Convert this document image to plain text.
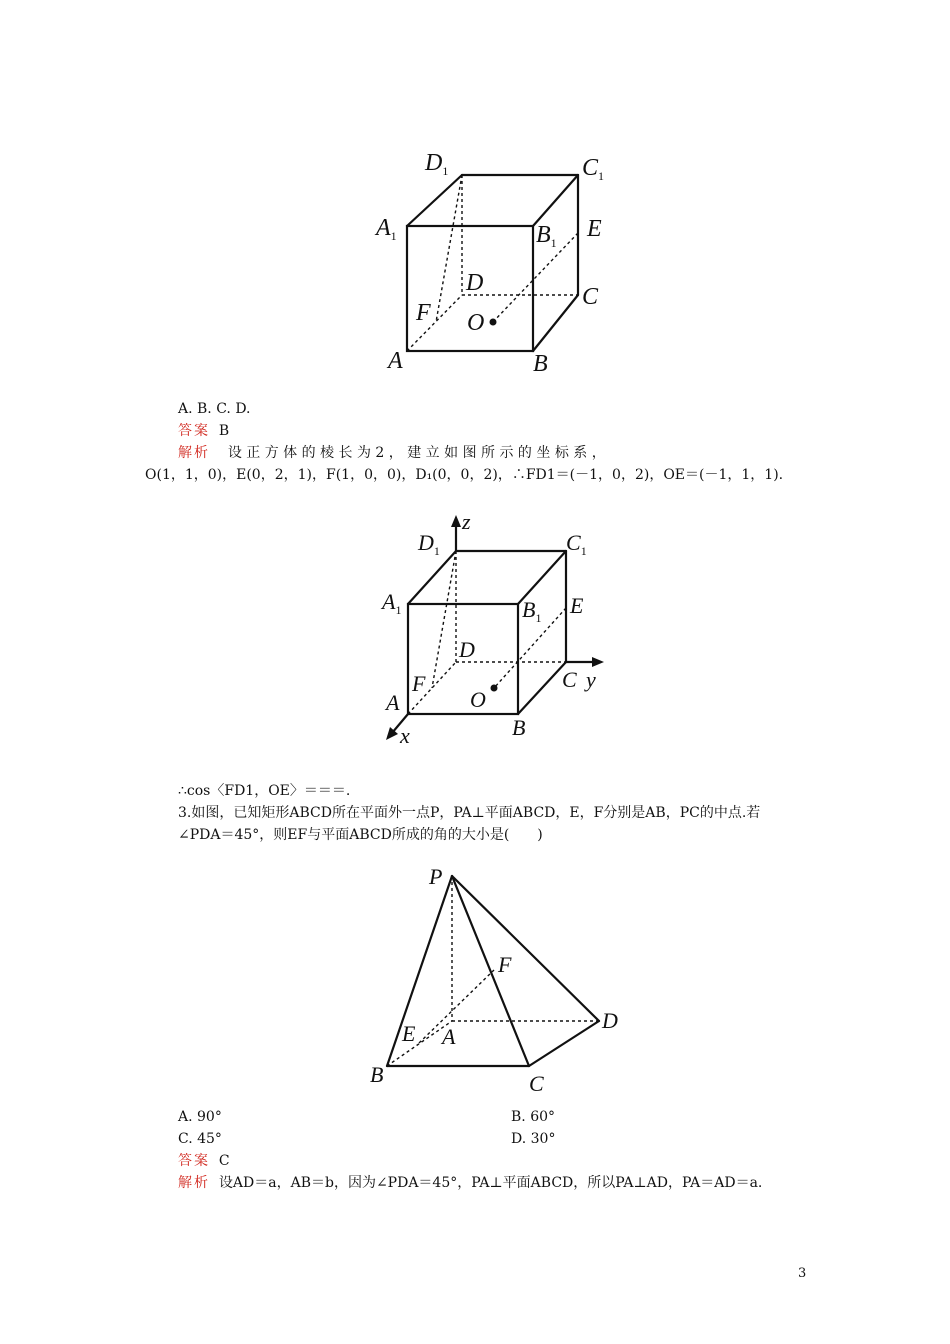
$D_1$	$C_1$
$A_1$	$B_1$
E
D
C
F O
A	B
A. B. C. D.
答案 B
解析 设 正 方 体 的 棱 长 为 2 ， 建 立 如 图 所 示 的 坐 标 系 ，
O(1，1，0)，E(0，2，1)，F(1，0，0)，D₁(0，0，2)，∴FD1＝(－1，0，2)，OE＝(－1，1，1).
z
$D_1$	$C_1$
$A_1$	$B_1$ E
D
F	C y
A	O
B
x
∴cos〈FD1，OE〉＝＝＝.
3.如图，已知矩形ABCD所在平面外一点P，PA⊥平面ABCD，E，F分别是AB，PC的中点.若
∠PDA＝45°，则EF与平面ABCD所成的角的大小是(　　)
P
F
E A
D
B	C
A. 90°	B. 60°
C. 45°	D. 30°
答案 C
解析 设AD＝a，AB＝b，因为∠PDA＝45°，PA⊥平面ABCD，所以PA⊥AD，PA＝AD＝a.
3
